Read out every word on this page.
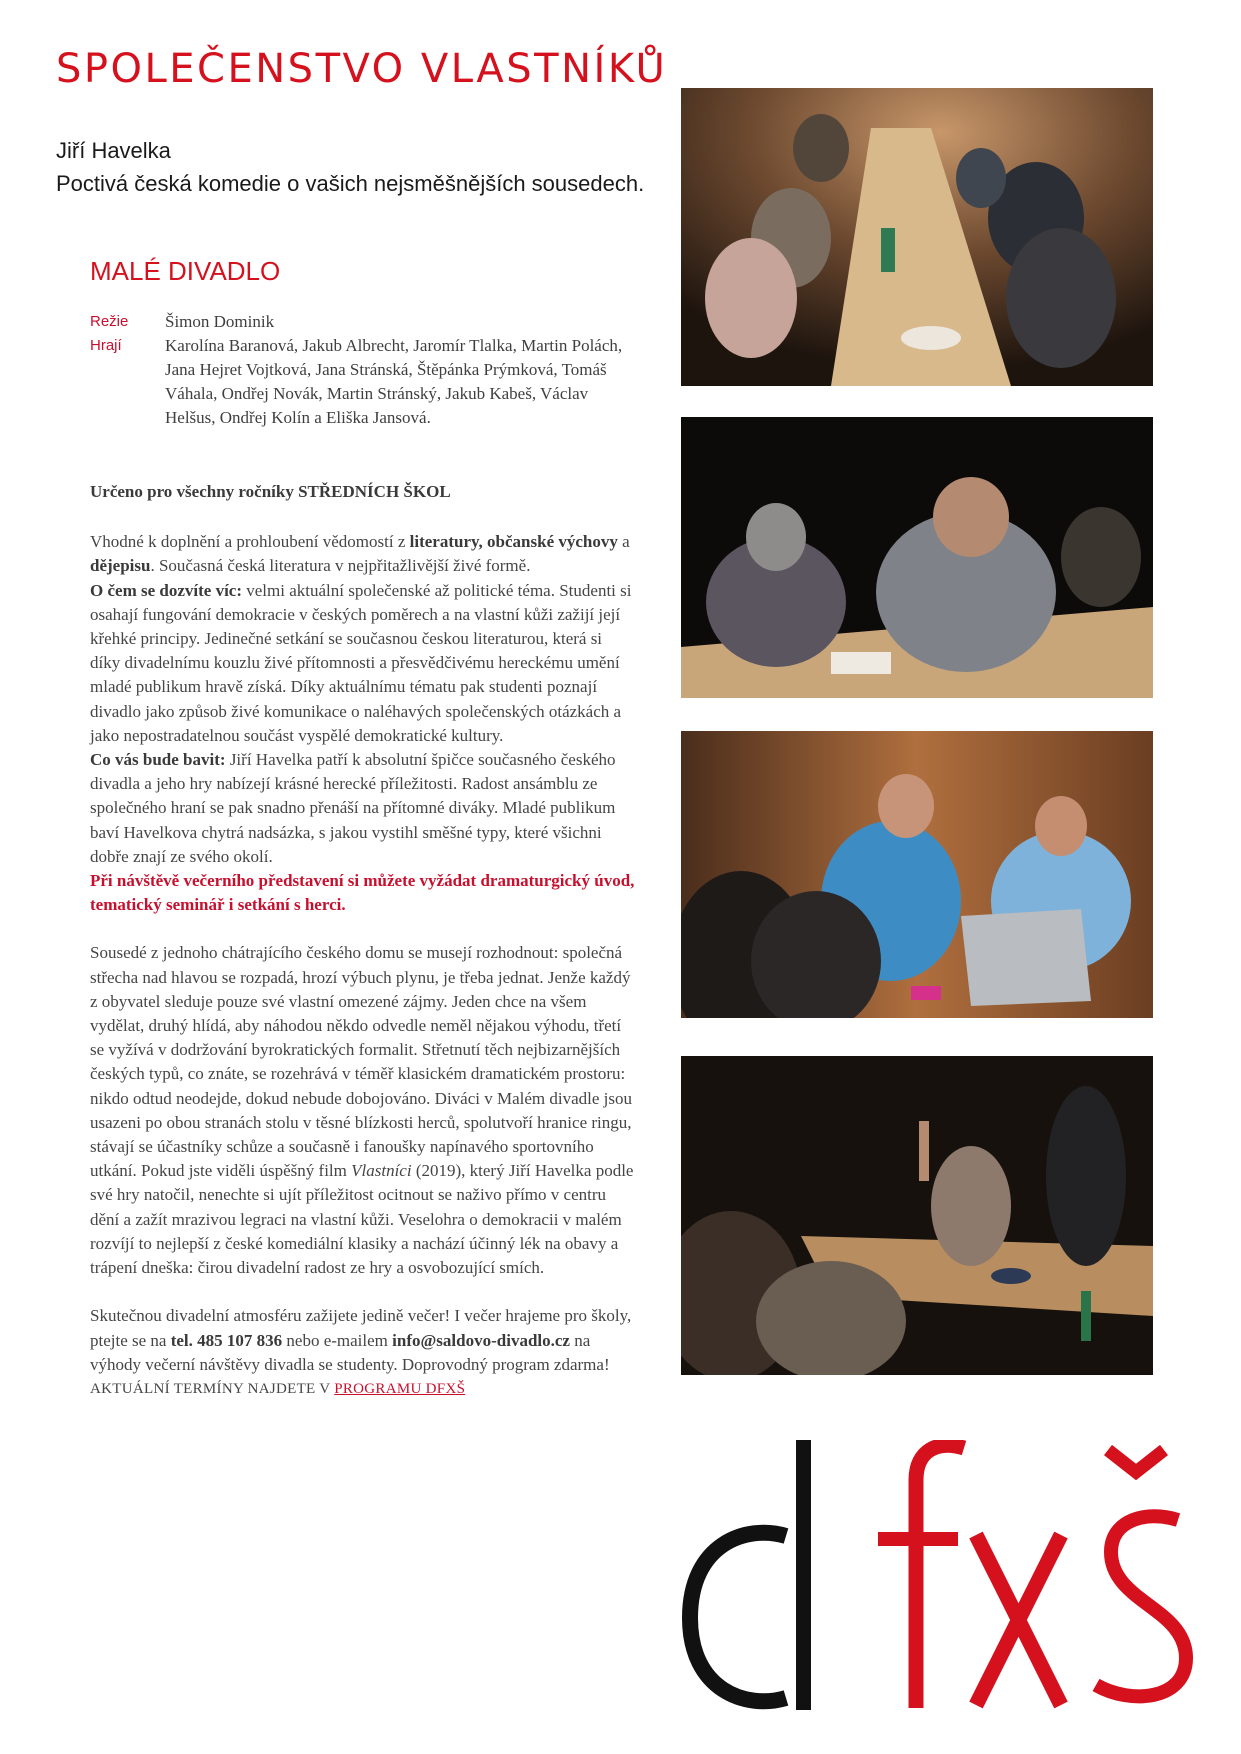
SPOLEČENSTVO VLASTNÍKŮ
Jiří Havelka
Poctivá česká komedie o vašich nejsměšnějších sousedech.
MALÉ DIVADLO
Režie	Šimon Dominik
Hrají	Karolína Baranová, Jakub Albrecht, Jaromír Tlalka, Martin Polách, Jana Hejret Vojtková, Jana Stránská, Štěpánka Prýmková, Tomáš Váhala, Ondřej Novák, Martin Stránský, Jakub Kabeš, Václav Helšus, Ondřej Kolín a Eliška Jansová.

Určeno pro všechny ročníky STŘEDNÍCH ŠKOL

Vhodné k doplnění a prohloubení vědomostí z literatury, občanské výchovy a dějepisu. Současná česká literatura v nejpřitažlivější živé formě.

O čem se dozvíte víc: velmi aktuální společenské až politické téma. Studenti si osahají fungování demokracie v českých poměrech a na vlastní kůži zažijí její křehké principy. Jedinečné setkání se současnou českou literaturou, která si díky divadelnímu kouzlu živé přítomnosti a přesvědčivému hereckému umění mladé publikum hravě získá. Díky aktuálnímu tématu pak studenti poznají divadlo jako způsob živé komunikace o naléhavých společenských otázkách a jako nepostradatelnou součást vyspělé demokratické kultury.

Co vás bude bavit: Jiří Havelka patří k absolutní špičce současného českého divadla a jeho hry nabízejí krásné herecké příležitosti. Radost ansámblu ze společného hraní se pak snadno přenáší na přítomné diváky. Mladé publikum baví Havelkova chytrá nadsázka, s jakou vystihl směšné typy, které všichni dobře znají ze svého okolí.

Při návštěvě večerního představení si můžete vyžádat dramaturgický úvod, tematický seminář i setkání s herci.

Sousedé z jednoho chátrajícího českého domu se musejí rozhodnout: společná střecha nad hlavou se rozpadá, hrozí výbuch plynu, je třeba jednat. Jenže každý z obyvatel sleduje pouze své vlastní omezené zájmy. Jeden chce na všem vydělat, druhý hlídá, aby náhodou někdo odvedle neměl nějakou výhodu, třetí se vyžívá v dodržování byrokratických formalit. Střetnutí těch nejbizarnějších českých typů, co znáte, se rozehrává v téměř klasickém dramatickém prostoru: nikdo odtud neodejde, dokud nebude dobojováno. Diváci v Malém divadle jsou usazeni po obou stranách stolu v těsné blízkosti herců, spolutvoří hranice ringu, stávají se účastníky schůze a současně i fanoušky napínavého sportovního utkání. Pokud jste viděli úspěšný film Vlastníci (2019), který Jiří Havelka podle své hry natočil, nenechte si ujít příležitost ocitnout se naživo přímo v centru dění a zažít mrazivou legraci na vlastní kůži. Veselohra o demokracii v malém rozvíjí to nejlepší z české komediální klasiky a nachází účinný lék na obavy a trápení dneška: čirou divadelní radost ze hry a osvobozující smích.

Skutečnou divadelní atmosféru zažijete jedině večer! I večer hrajeme pro školy, ptejte se na tel. 485 107 836 nebo e-mailem info@saldovo-divadlo.cz na výhody večerní návštěvy divadla se studenty. Doprovodný program zdarma!

AKTUÁLNÍ TERMÍNY NAJDETE V PROGRAMU DFXŠ
